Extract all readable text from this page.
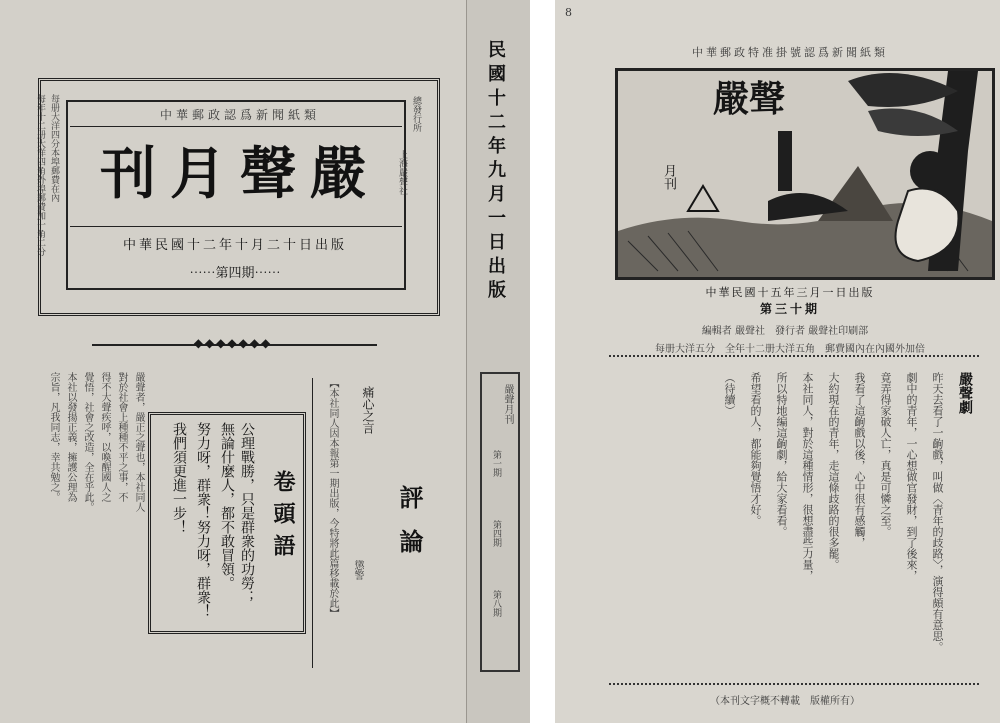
總發行所
上海嚴聲社
每册大洋四分本埠郵費在內
每年十二册大洋四角外埠郵費加一角二分	中華郵政認爲新聞紙類
嚴聲月刊
中華民國十二年十月二十日出版
⋯⋯第四期⋯⋯
◆◆◆◆◆◆◆
卷頭語
公理戰勝，只是群衆的功勞；
無論什麼人，都不敢冒領。
努力呀，群衆！努力呀，群衆！
我們須更進一步！	評論
痛心之言
懲警
【本社同人因本報第一期出版，今特將此篇移載於此】
嚴聲者，嚴正之聲也，本社同人
對於社會上種種不平之事，不
得不大聲疾呼，以喚醒國人之
覺悟，社會之改造，全在乎此。
本社以發揚正義，擁護公理為
宗旨，凡我同志，幸共勉之。
民國十二年九月一日出版
嚴聲月刊
第一期
第四期
第八期
8
中華郵政特准掛號認爲新聞紙類
嚴聲
月刊
中華民國十五年三月一日出版
第三十期
編輯者 嚴聲社　發行者 嚴聲社印刷部
每册大洋五分　全年十二册大洋五角　郵費國內在內國外加倍
嚴聲劇
昨天去看了一齣戲，叫做〈青年的歧路〉，演得頗有意思。
劇中的青年，一心想做官發財，到了後來，
竟弄得家破人亡，真是可憐之至。
我看了這齣戲以後，心中很有感觸，
大約現在的青年，走這條歧路的很多罷。
本社同人，對於這種情形，很想盡些力量，
所以特地編這齣劇，給大家看看。
希望看的人，都能夠覺悟才好。
（待續）
（本刊文字概不轉載　版權所有）
